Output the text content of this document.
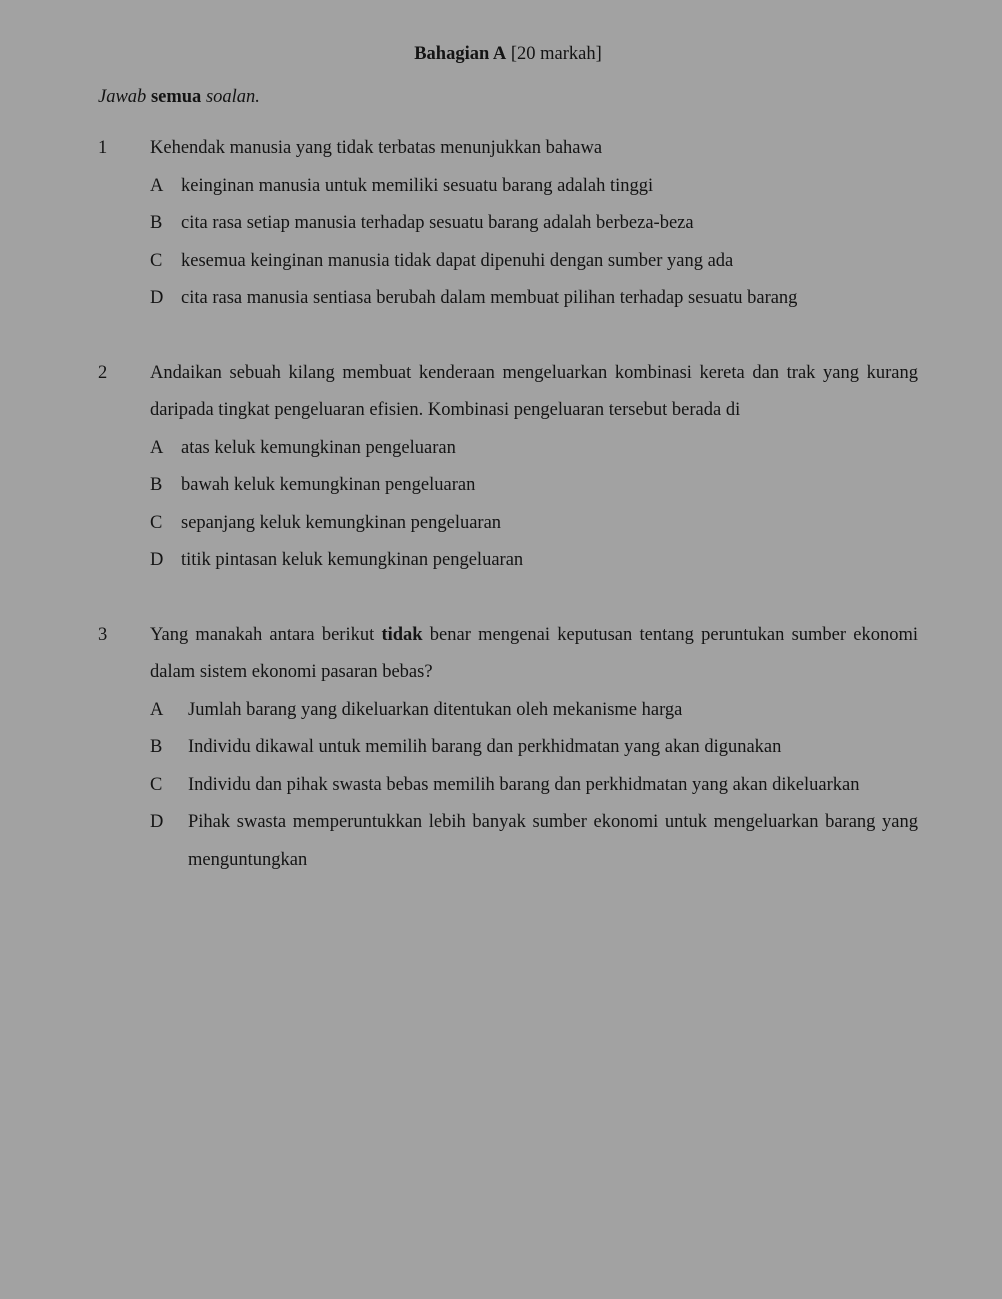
Bahagian A [20 markah]
Jawab semua soalan.
1	Kehendak manusia yang tidak terbatas menunjukkan bahawa
A keinginan manusia untuk memiliki sesuatu barang adalah tinggi
B	cita rasa setiap manusia terhadap sesuatu barang adalah berbeza-beza
C	kesemua keinginan manusia tidak dapat dipenuhi dengan sumber yang ada
D cita rasa manusia sentiasa berubah dalam membuat pilihan terhadap sesuatu barang
2	Andaikan sebuah kilang membuat kenderaan mengeluarkan kombinasi kereta dan trak yang kurang daripada tingkat pengeluaran efisien. Kombinasi pengeluaran tersebut berada di
A atas keluk kemungkinan pengeluaran
B	bawah keluk kemungkinan pengeluaran
C	sepanjang keluk kemungkinan pengeluaran
D titik pintasan keluk kemungkinan pengeluaran
3	Yang manakah antara berikut tidak benar mengenai keputusan tentang peruntukan sumber ekonomi dalam sistem ekonomi pasaran bebas?
A	Jumlah barang yang dikeluarkan ditentukan oleh mekanisme harga
B	Individu dikawal untuk memilih barang dan perkhidmatan yang akan digunakan
C	Individu dan pihak swasta bebas memilih barang dan perkhidmatan yang akan dikeluarkan
D	Pihak swasta memperuntukkan lebih banyak sumber ekonomi untuk mengeluarkan barang yang menguntungkan
